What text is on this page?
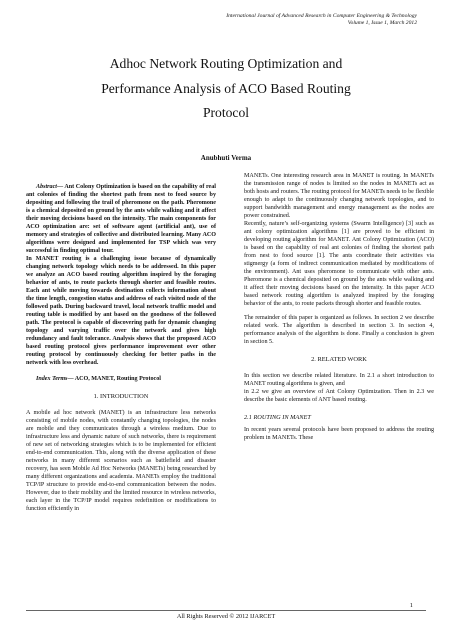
International Journal of Advanced Research in Computer Engineering & Technology
Volume 1, Issue 1, March 2012
Adhoc Network Routing Optimization and
Performance Analysis of ACO Based Routing
Protocol
Anubhuti Verma

Abstract— Ant Colony Optimization is based on the capability of real ant colonies of finding the shortest path from nest to food source by depositing and following the trail of pheromone on the path. Pheromone is a chemical deposited on ground by the ants while walking and it affect their moving decisions based on the intensity. The main components for ACO optimization are: set of software agent (artificial ant), use of memory and strategies of collective and distributed learning. Many ACO algorithms were designed and implemented for TSP which was very successful in finding optimal tour.

In MANET routing is a challenging issue because of dynamically changing network topology which needs to be addressed. In this paper we analyze an ACO based routing algorithm inspired by the foraging behavior of ants, to route packets through shorter and feasible routes. Each ant while moving towards destination collects information about the time length, congestion status and address of each visited node of the followed path. During backward travel, local network traffic model and routing table is modified by ant based on the goodness of the followed path. The protocol is capable of discovering path for dynamic changing topology and varying traffic over the network and gives high redundancy and fault tolerance. Analysis shows that the proposed ACO based routing protocol gives performance improvement over other routing protocol by continuously checking for better paths in the network with less overhead.

Index Terms— ACO, MANET, Routing Protocol

1. INTRODUCTION

A mobile ad hoc network (MANET) is an infrastructure less networks consisting of mobile nodes, with constantly changing topologies, the nodes are mobile and they communicates through a wireless medium. Due to infrastructure less and dynamic nature of such networks, there is requirement of new set of networking strategies which is to be implemented for efficient end-to-end communication. This, along with the diverse application of these networks in many different scenarios such as battlefield and disaster recovery, has seen Mobile Ad Hoc Networks (MANETs) being researched by many different organizations and academia. MANETs employ the traditional TCP/IP structure to provide end-to-end communication between the nodes. However, due to their mobility and the limited resource in wireless networks, each layer in the TCP/IP model requires redefinition or modifications to function efficiently in

MANETs. One interesting research area in MANET is routing. In MANETs the transmission range of nodes is limited so the nodes in MANETs act as both hosts and routers. The routing protocol for MANETs needs to be flexible enough to adapt to the continuously changing network topologies, and to support bandwidth management and energy management as the nodes are power constrained.

Recently, nature’s self-organizing systems (Swarm Intelligence) [3] such as ant colony optimization algorithms [1] are proved to be efficient in developing routing algorithm for MANET. Ant Colony Optimization (ACO) is based on the capability of real ant colonies of finding the shortest path from nest to food source [1]. The ants coordinate their activities via stigmergy (a form of indirect communication mediated by modifications of the environment). Ant uses pheromone to communicate with other ants. Pheromone is a chemical deposited on ground by the ants while walking and it affect their moving decisions based on the intensity. In this paper ACO based network routing algorithm is analyzed inspired by the foraging behavior of the ants, to route packets through shorter and feasible routes.

The remainder of this paper is organized as follows. In section 2 we describe related work. The algorithm is described in section 3. In section 4, performance analysis of the algorithm is done. Finally a conclusion is given in section 5.

2. RELATED WORK

In this section we describe related literature. In 2.1 a short introduction to MANET routing algorithms is given, and

in 2.2 we give an overview of Ant Colony Optimization. Then in 2.3 we describe the basic elements of ANT based routing.

2.1 ROUTING IN MANET

In recent years several protocols have been proposed to address the routing problem in MANETs. These

1
All Rights Reserved © 2012 IJARCET
